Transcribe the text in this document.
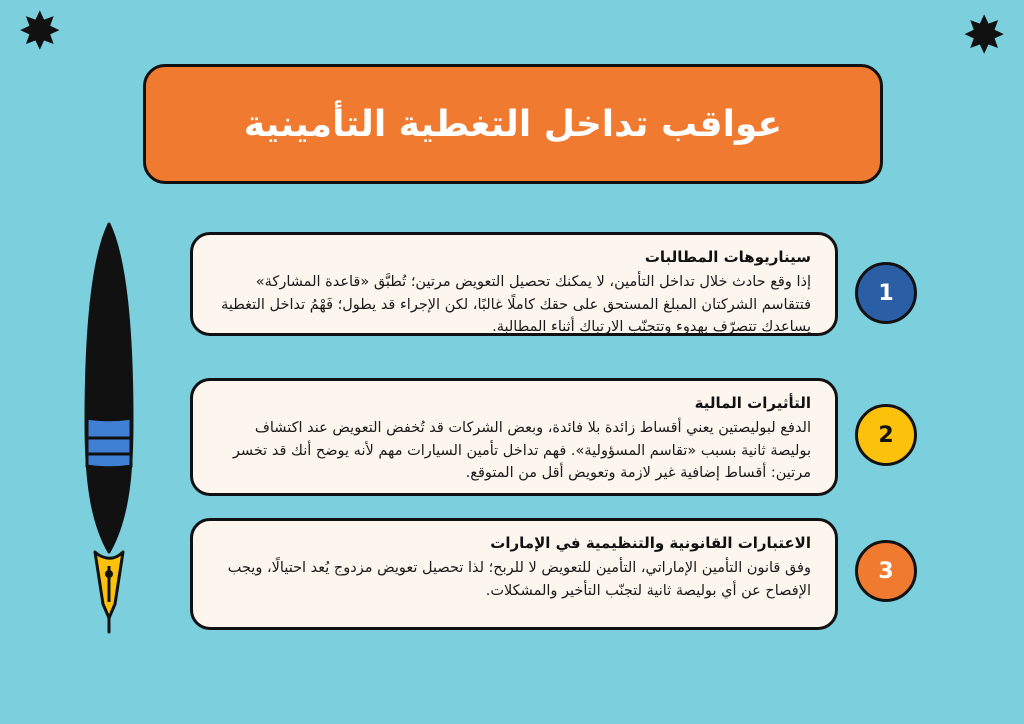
✸	✸
عواقب تداخل التغطية التأمينية

سيناريوهات المطالبات

إذا وقع حادث خلال تداخل التأمين، لا يمكنك تحصيل التعويض مرتين؛ تُطبَّق «قاعدة المشاركة» فتتقاسم الشركتان المبلغ المستحق على حقك كاملًا غالبًا، لكن الإجراء قد يطول؛ فَهْمُ تداخل التغطية يساعدك تتصرّف بهدوء وتتجنّب الارتباك أثناء المطالبة.

1

التأثيرات المالية

الدفع لبوليصتين يعني أقساط زائدة بلا فائدة، وبعض الشركات قد تُخفض التعويض عند اكتشاف بوليصة ثانية بسبب «تقاسم المسؤولية». فهم تداخل تأمين السيارات مهم لأنه يوضح أنك قد تخسر مرتين: أقساط إضافية غير لازمة وتعويض أقل من المتوقع.

2

الاعتبارات القانونية والتنظيمية في الإمارات

وفق قانون التأمين الإماراتي، التأمين للتعويض لا للربح؛ لذا تحصيل تعويض مزدوج يُعد احتيالًا، ويجب الإفصاح عن أي بوليصة ثانية لتجنّب التأخير والمشكلات.

3
